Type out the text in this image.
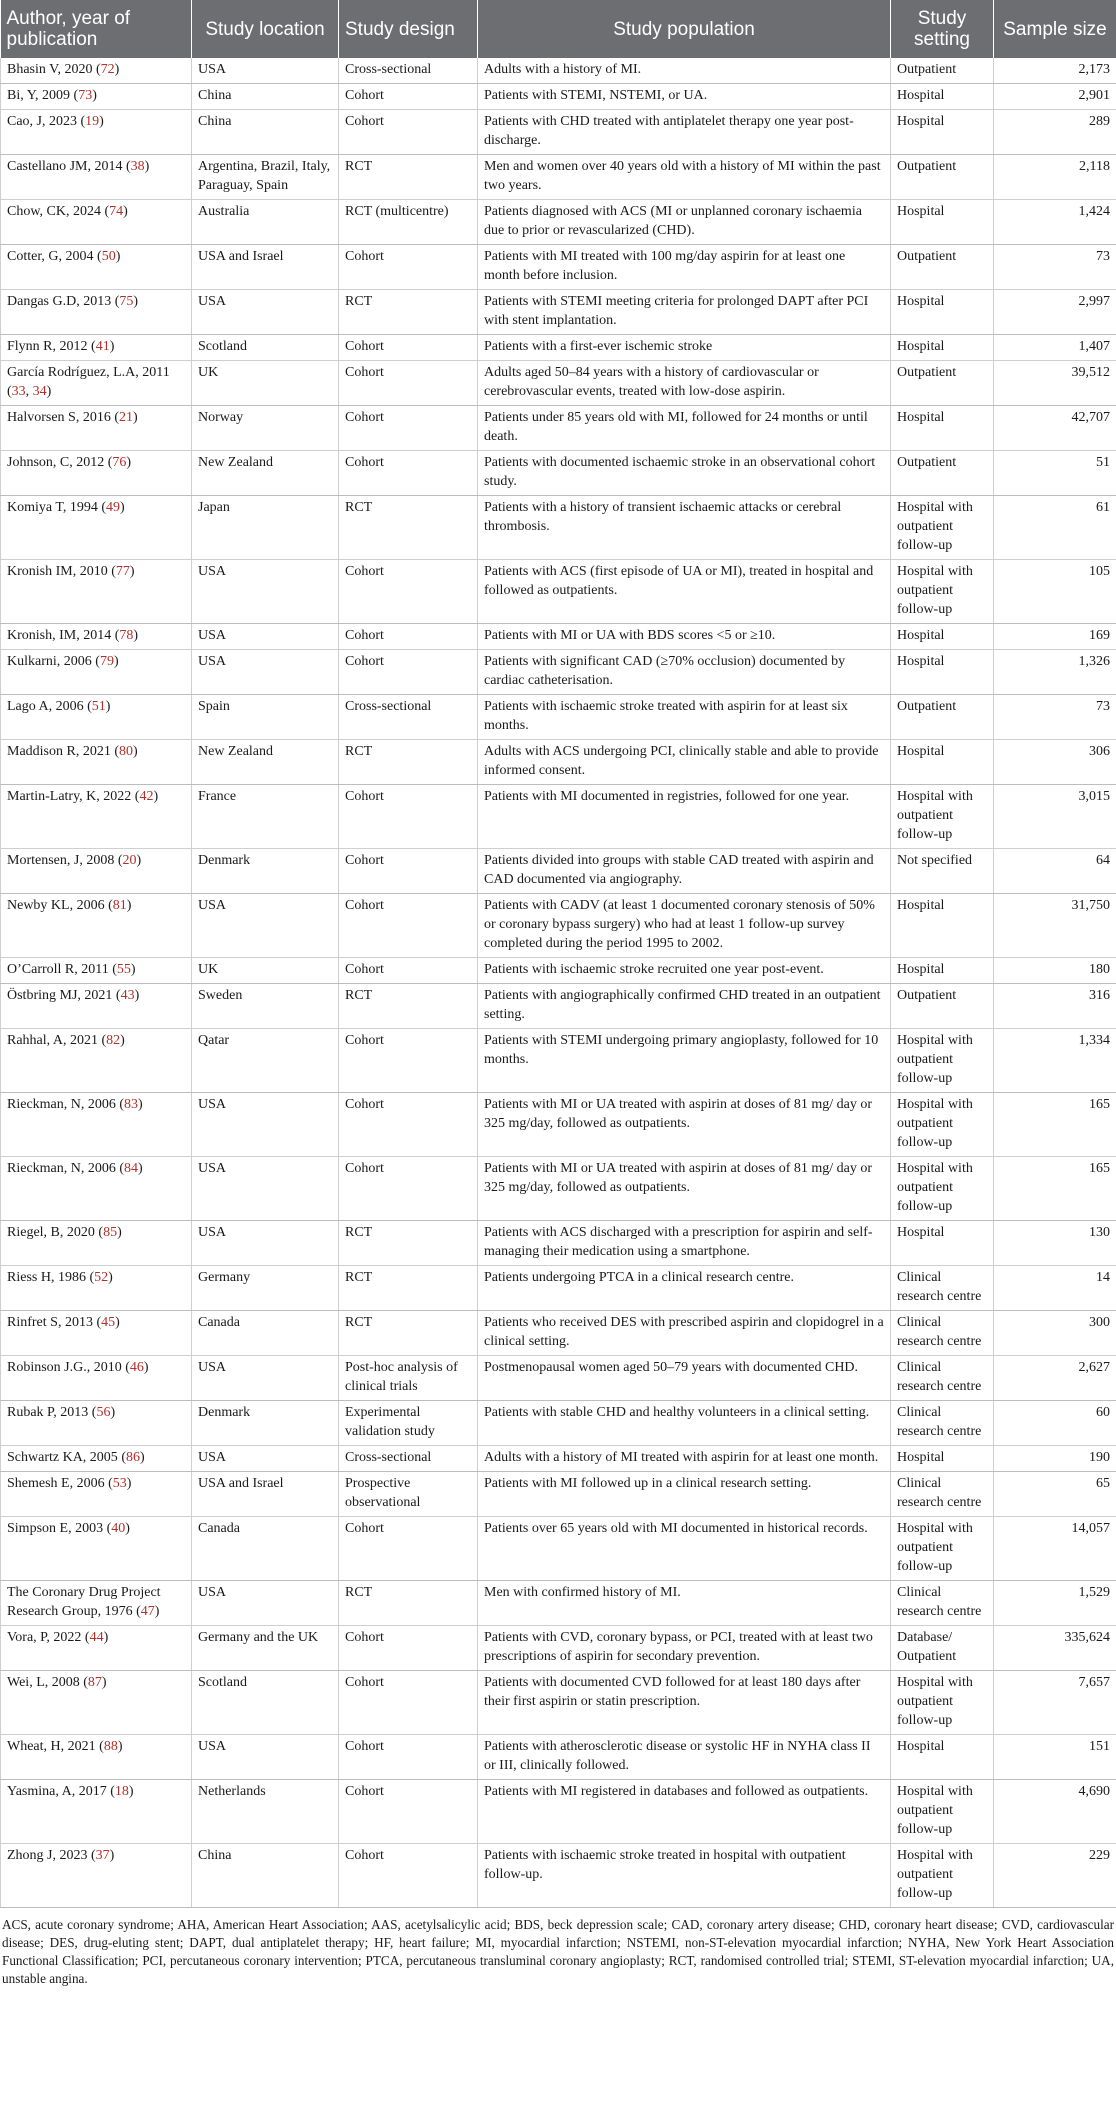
Author, year of publication	Study location	Study design	Study population	Study setting	Sample size
Bhasin V, 2020 (72)	USA	Cross-sectional	Adults with a history of MI.	Outpatient	2,173
Bi, Y, 2009 (73)	China	Cohort	Patients with STEMI, NSTEMI, or UA.	Hospital	2,901
Cao, J, 2023 (19)	China	Cohort	Patients with CHD treated with antiplatelet therapy one year post-discharge.	Hospital	289
Castellano JM, 2014 (38)	Argentina, Brazil, Italy, Paraguay, Spain	RCT	Men and women over 40 years old with a history of MI within the past two years.	Outpatient	2,118
Chow, CK, 2024 (74)	Australia	RCT (multicentre)	Patients diagnosed with ACS (MI or unplanned coronary ischaemia due to prior or revascularized (CHD).	Hospital	1,424
Cotter, G, 2004 (50)	USA and Israel	Cohort	Patients with MI treated with 100 mg/day aspirin for at least one month before inclusion.	Outpatient	73
Dangas G.D, 2013 (75)	USA	RCT	Patients with STEMI meeting criteria for prolonged DAPT after PCI with stent implantation.	Hospital	2,997
Flynn R, 2012 (41)	Scotland	Cohort	Patients with a first-ever ischemic stroke	Hospital	1,407
García Rodríguez, L.A, 2011 (33, 34)	UK	Cohort	Adults aged 50–84 years with a history of cardiovascular or cerebrovascular events, treated with low-dose aspirin.	Outpatient	39,512
Halvorsen S, 2016 (21)	Norway	Cohort	Patients under 85 years old with MI, followed for 24 months or until death.	Hospital	42,707
Johnson, C, 2012 (76)	New Zealand	Cohort	Patients with documented ischaemic stroke in an observational cohort study.	Outpatient	51
Komiya T, 1994 (49)	Japan	RCT	Patients with a history of transient ischaemic attacks or cerebral thrombosis.	Hospital with outpatient follow-up	61
Kronish IM, 2010 (77)	USA	Cohort	Patients with ACS (first episode of UA or MI), treated in hospital and followed as outpatients.	Hospital with outpatient follow-up	105
Kronish, IM, 2014 (78)	USA	Cohort	Patients with MI or UA with BDS scores <5 or ≥10.	Hospital	169
Kulkarni, 2006 (79)	USA	Cohort	Patients with significant CAD (≥70% occlusion) documented by cardiac catheterisation.	Hospital	1,326
Lago A, 2006 (51)	Spain	Cross-sectional	Patients with ischaemic stroke treated with aspirin for at least six months.	Outpatient	73
Maddison R, 2021 (80)	New Zealand	RCT	Adults with ACS undergoing PCI, clinically stable and able to provide informed consent.	Hospital	306
Martin-Latry, K, 2022 (42)	France	Cohort	Patients with MI documented in registries, followed for one year.	Hospital with outpatient follow-up	3,015
Mortensen, J, 2008 (20)	Denmark	Cohort	Patients divided into groups with stable CAD treated with aspirin and CAD documented via angiography.	Not specified	64
Newby KL, 2006 (81)	USA	Cohort	Patients with CADV (at least 1 documented coronary stenosis of 50% or coronary bypass surgery) who had at least 1 follow-up survey completed during the period 1995 to 2002.	Hospital	31,750
O’Carroll R, 2011 (55)	UK	Cohort	Patients with ischaemic stroke recruited one year post-event.	Hospital	180
Östbring MJ, 2021 (43)	Sweden	RCT	Patients with angiographically confirmed CHD treated in an outpatient setting.	Outpatient	316
Rahhal, A, 2021 (82)	Qatar	Cohort	Patients with STEMI undergoing primary angioplasty, followed for 10 months.	Hospital with outpatient follow-up	1,334
Rieckman, N, 2006 (83)	USA	Cohort	Patients with MI or UA treated with aspirin at doses of 81 mg/ day or 325 mg/day, followed as outpatients.	Hospital with outpatient follow-up	165
Rieckman, N, 2006 (84)	USA	Cohort	Patients with MI or UA treated with aspirin at doses of 81 mg/ day or 325 mg/day, followed as outpatients.	Hospital with outpatient follow-up	165
Riegel, B, 2020 (85)	USA	RCT	Patients with ACS discharged with a prescription for aspirin and self-managing their medication using a smartphone.	Hospital	130
Riess H, 1986 (52)	Germany	RCT	Patients undergoing PTCA in a clinical research centre.	Clinical research centre	14
Rinfret S, 2013 (45)	Canada	RCT	Patients who received DES with prescribed aspirin and clopidogrel in a clinical setting.	Clinical research centre	300
Robinson J.G., 2010 (46)	USA	Post-hoc analysis of clinical trials	Postmenopausal women aged 50–79 years with documented CHD.	Clinical research centre	2,627
Rubak P, 2013 (56)	Denmark	Experimental validation study	Patients with stable CHD and healthy volunteers in a clinical setting.	Clinical research centre	60
Schwartz KA, 2005 (86)	USA	Cross-sectional	Adults with a history of MI treated with aspirin for at least one month.	Hospital	190
Shemesh E, 2006 (53)	USA and Israel	Prospective observational	Patients with MI followed up in a clinical research setting.	Clinical research centre	65
Simpson E, 2003 (40)	Canada	Cohort	Patients over 65 years old with MI documented in historical records.	Hospital with outpatient follow-up	14,057
The Coronary Drug Project Research Group, 1976 (47)	USA	RCT	Men with confirmed history of MI.	Clinical research centre	1,529
Vora, P, 2022 (44)	Germany and the UK	Cohort	Patients with CVD, coronary bypass, or PCI, treated with at least two prescriptions of aspirin for secondary prevention.	Database/ Outpatient	335,624
Wei, L, 2008 (87)	Scotland	Cohort	Patients with documented CVD followed for at least 180 days after their first aspirin or statin prescription.	Hospital with outpatient follow-up	7,657
Wheat, H, 2021 (88)	USA	Cohort	Patients with atherosclerotic disease or systolic HF in NYHA class II or III, clinically followed.	Hospital	151
Yasmina, A, 2017 (18)	Netherlands	Cohort	Patients with MI registered in databases and followed as outpatients.	Hospital with outpatient follow-up	4,690
Zhong J, 2023 (37)	China	Cohort	Patients with ischaemic stroke treated in hospital with outpatient follow-up.	Hospital with outpatient follow-up	229
ACS, acute coronary syndrome; AHA, American Heart Association; AAS, acetylsalicylic acid; BDS, beck depression scale; CAD, coronary artery disease; CHD, coronary heart disease; CVD, cardiovascular disease; DES, drug-eluting stent; DAPT, dual antiplatelet therapy; HF, heart failure; MI, myocardial infarction; NSTEMI, non-ST-elevation myocardial infarction; NYHA, New York Heart Association Functional Classification; PCI, percutaneous coronary intervention; PTCA, percutaneous transluminal coronary angioplasty; RCT, randomised controlled trial; STEMI, ST-elevation myocardial infarction; UA, unstable angina.
